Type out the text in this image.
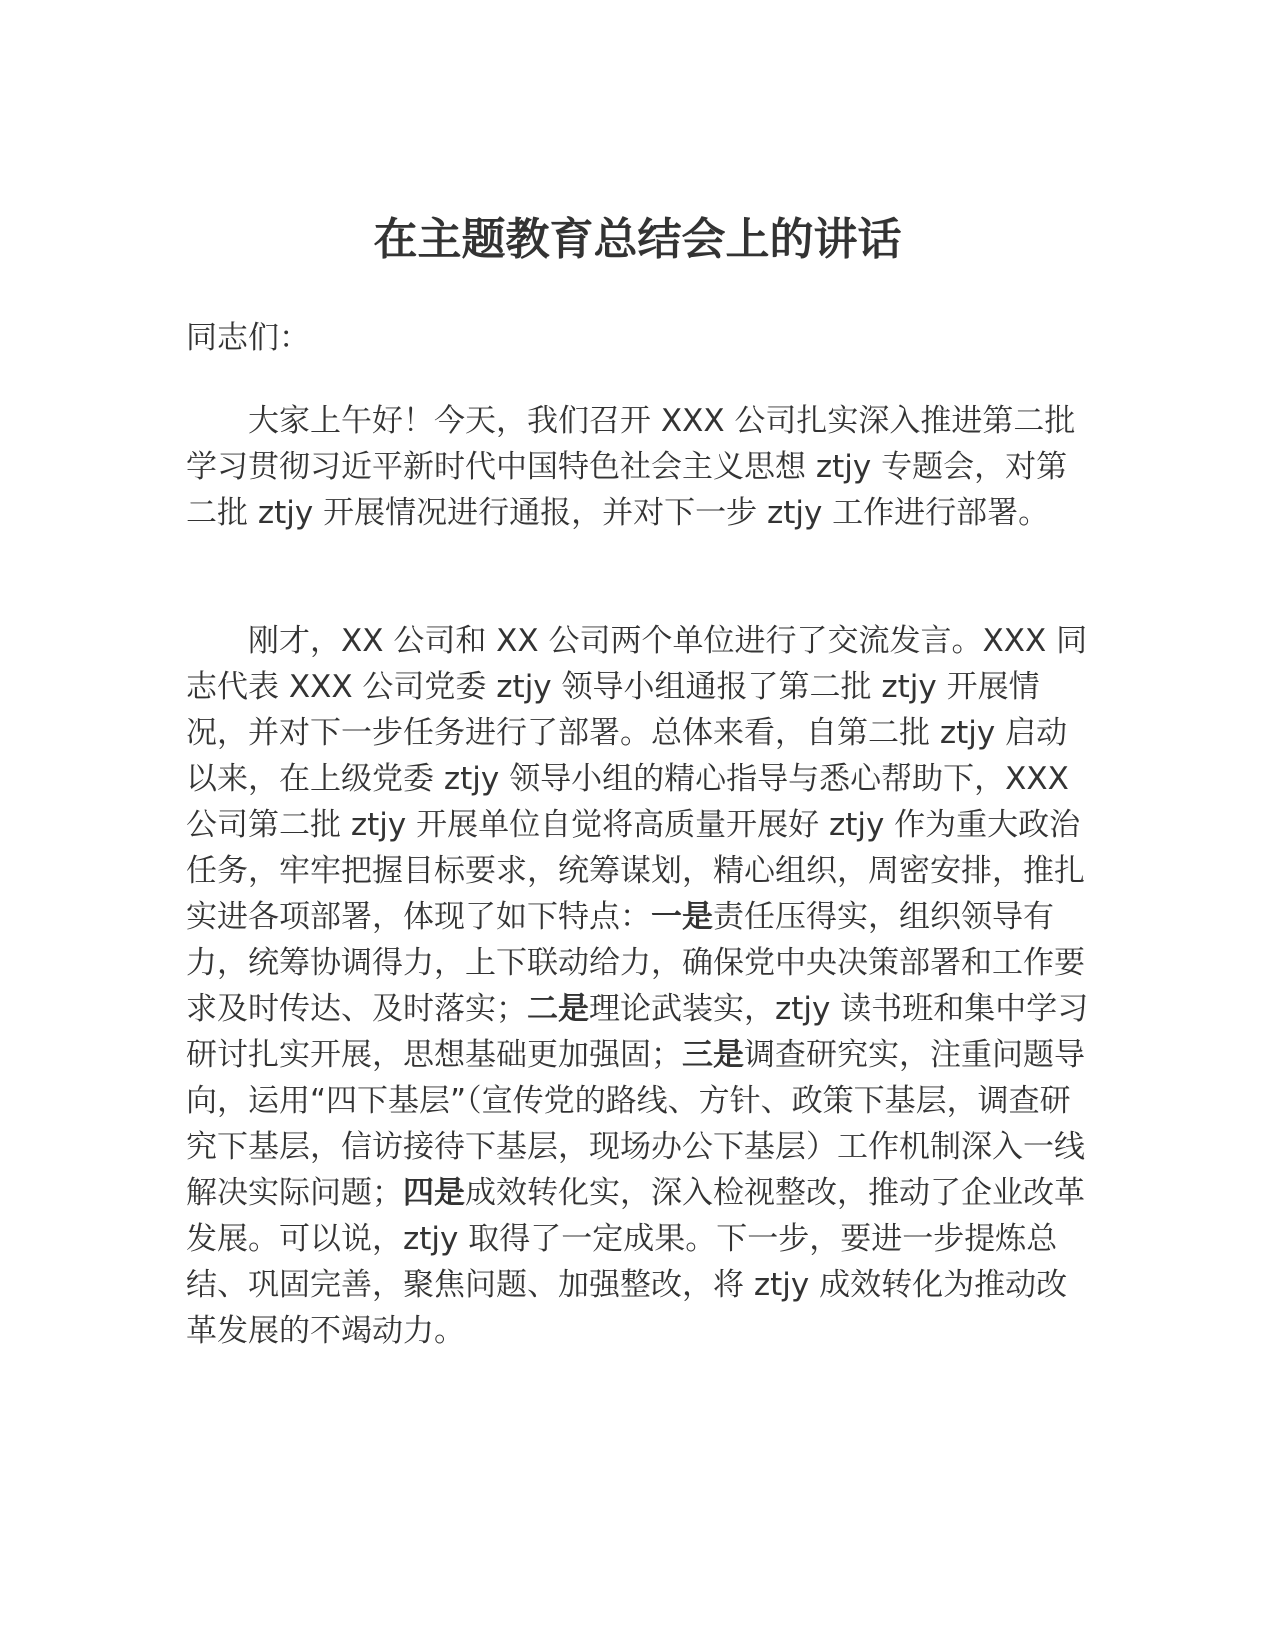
在主题教育总结会上的讲话

同志们：

大家上午好！今天，我们召开 XXX 公司扎实深入推进第二批学习贯彻习近平新时代中国特色社会主义思想 ztjy 专题会，对第二批 ztjy 开展情况进行通报，并对下一步 ztjy 工作进行部署。

刚才，XX 公司和 XX 公司两个单位进行了交流发言。XXX 同志代表 XXX 公司党委 ztjy 领导小组通报了第二批 ztjy 开展情况，并对下一步任务进行了部署。总体来看，自第二批 ztjy 启动以来，在上级党委 ztjy 领导小组的精心指导与悉心帮助下，XXX 公司第二批 ztjy 开展单位自觉将高质量开展好 ztjy 作为重大政治任务，牢牢把握目标要求，统筹谋划，精心组织，周密安排，推扎实进各项部署，体现了如下特点：一是责任压得实，组织领导有力，统筹协调得力，上下联动给力，确保党中央决策部署和工作要求及时传达、及时落实；二是理论武装实，ztjy 读书班和集中学习研讨扎实开展，思想基础更加强固；三是调查研究实，注重问题导向，运用“四下基层”（宣传党的路线、方针、政策下基层，调查研究下基层，信访接待下基层，现场办公下基层）工作机制深入一线解决实际问题；四是成效转化实，深入检视整改，推动了企业改革发展。可以说，ztjy 取得了一定成果。下一步，要进一步提炼总结、巩固完善，聚焦问题、加强整改，将 ztjy 成效转化为推动改革发展的不竭动力。
